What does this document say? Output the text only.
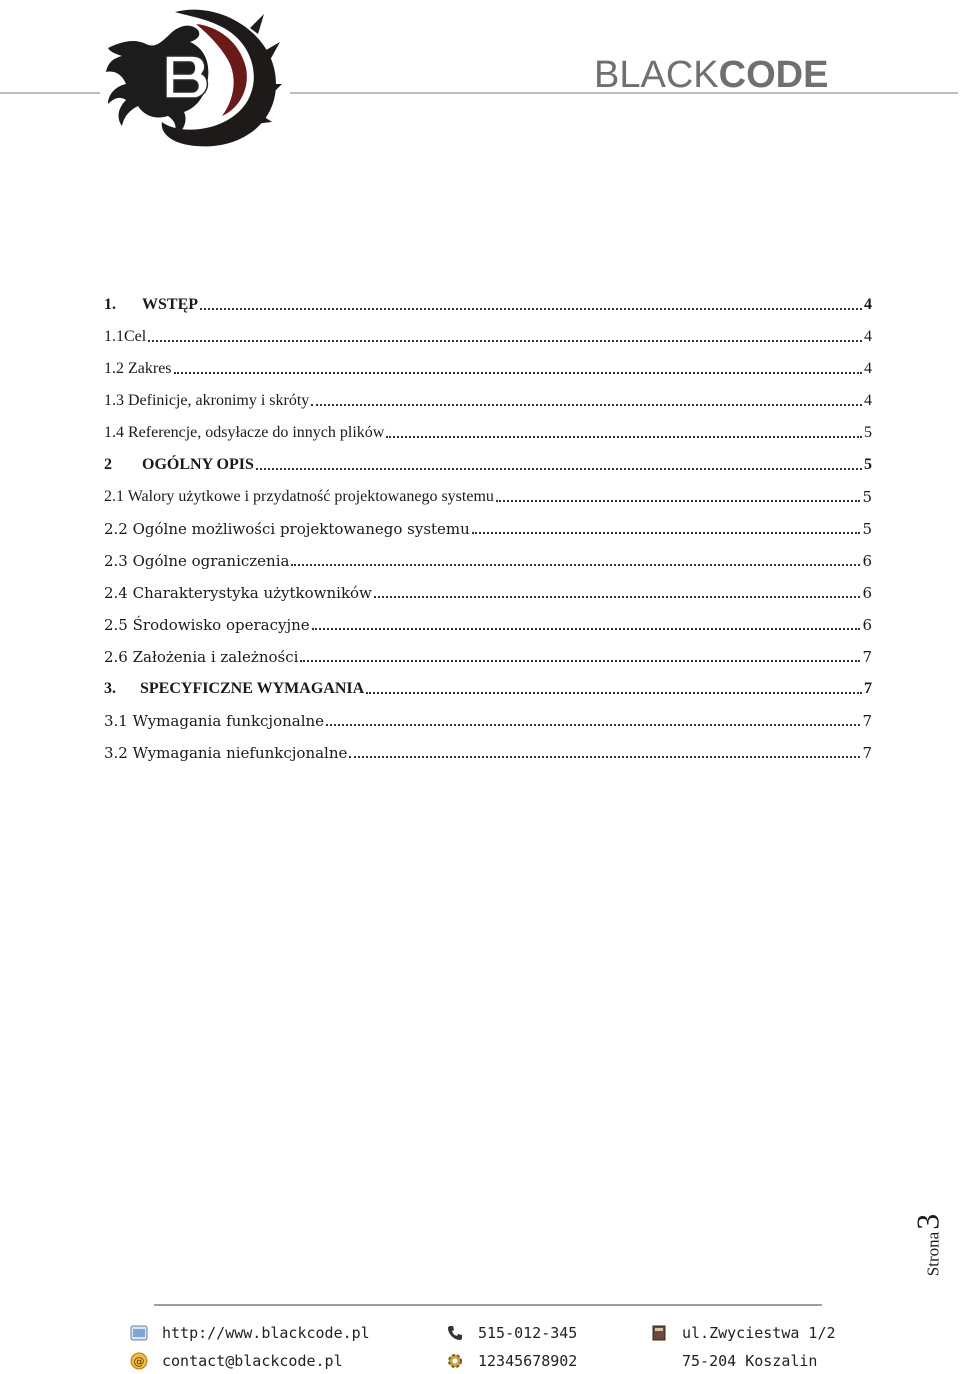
BLACKCODE
1.	WSTĘP	4
1.1Cel	4
1.2 Zakres	4
1.3 Definicje, akronimy i skróty	4
1.4 Referencje, odsyłacze do innych plików	5
2	OGÓLNY OPIS	5
2.1 Walory użytkowe i przydatność projektowanego systemu	5
2.2 Ogólne możliwości projektowanego systemu	5
2.3 Ogólne ograniczenia	6
2.4 Charakterystyka użytkowników	6
2.5 Środowisko operacyjne	6
2.6 Założenia i zależności	7
3.	SPECYFICZNE WYMAGANIA	7
3.1 Wymagania funkcjonalne	7
3.2 Wymagania niefunkcjonalne	7
Strona3
http://www.blackcode.pl
@ contact@blackcode.pl
515-012-345
12345678902
ul.Zwyciestwa 1/2
75-204 Koszalin
